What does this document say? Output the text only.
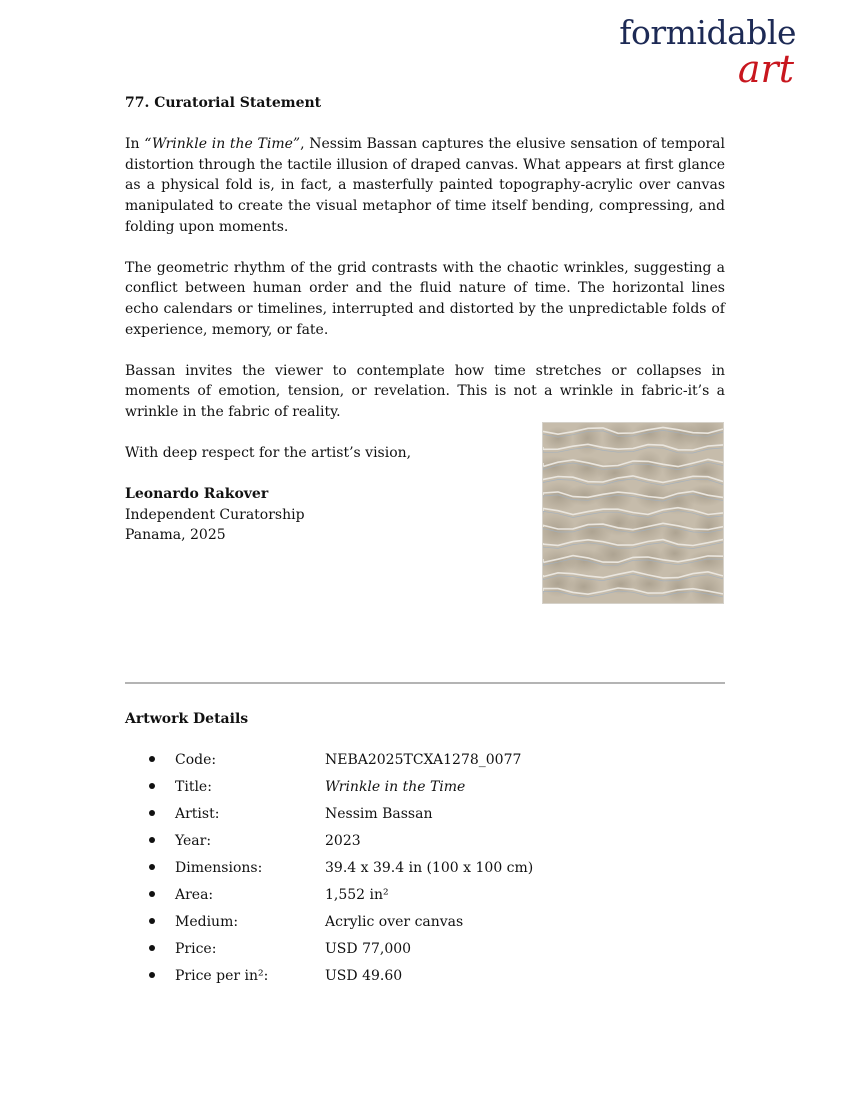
formidable
art
77. Curatorial Statement

In “Wrinkle in the Time”, Nessim Bassan captures the elusive sensation of temporal distortion through the tactile illusion of draped canvas. What appears at first glance as a physical fold is, in fact, a masterfully painted topography-acrylic over canvas manipulated to create the visual metaphor of time itself bending, compressing, and folding upon moments.

The geometric rhythm of the grid contrasts with the chaotic wrinkles, suggesting a conflict between human order and the fluid nature of time. The horizontal lines echo calendars or timelines, interrupted and distorted by the unpredictable folds of experience, memory, or fate.

Bassan invites the viewer to contemplate how time stretches or collapses in moments of emotion, tension, or revelation. This is not a wrinkle in fabric-it’s a wrinkle in the fabric of reality.

With deep respect for the artist’s vision,
Leonardo Rakover
Independent Curatorship
Panama, 2025
Artwork Details
Code:	NEBA2025TCXA1278_0077
Title:	Wrinkle in the Time
Artist:	Nessim Bassan
Year:	2023
Dimensions:	39.4 x 39.4 in (100 x 100 cm)
Area:	1,552 in²
Medium:	Acrylic over canvas
Price:	USD 77,000
Price per in²:	USD 49.60
